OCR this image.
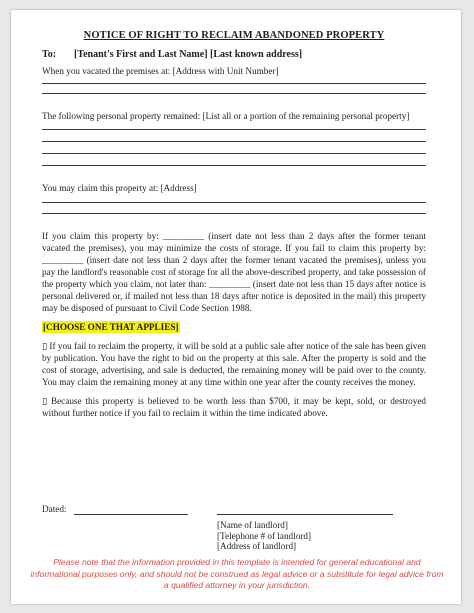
NOTICE OF RIGHT TO RECLAIM ABANDONED PROPERTY
To: [Tenant's First and Last Name] [Last known address]

When you vacated the premises at: [Address with Unit Number]

The following personal property remained: [List all or a portion of the remaining personal property]

You may claim this property at: [Address]

If you claim this property by: _________ (insert date not less than 2 days after the former tenant vacated the premises), you may minimize the costs of storage. If you fail to claim this property by: _________ (insert date not less than 2 days after the former tenant vacated the premises), unless you pay the landlord's reasonable cost of storage for all the above-described property, and take possession of the property which you claim, not later than: _________ (insert date not less than 15 days after notice is personal delivered or, if mailed not less than 18 days after notice is deposited in the mail) this property may be disposed of pursuant to Civil Code Section 1988.

[CHOOSE ONE THAT APPLIES]

▯ If you fail to reclaim the property, it will be sold at a public sale after notice of the sale has been given by publication. You have the right to bid on the property at this sale. After the property is sold and the cost of storage, advertising, and sale is deducted, the remaining money will be paid over to the county. You may claim the remaining money at any time within one year after the county receives the money.

▯ Because this property is believed to be worth less than $700, it may be kept, sold, or destroyed without further notice if you fail to reclaim it within the time indicated above.

Dated:
[Name of landlord]
[Telephone # of landlord]
[Address of landlord]
Please note that the information provided in this template is intended for general educational and informational purposes only, and should not be construed as legal advice or a substitute for legal advice from a qualified attorney in your jurisdiction.
